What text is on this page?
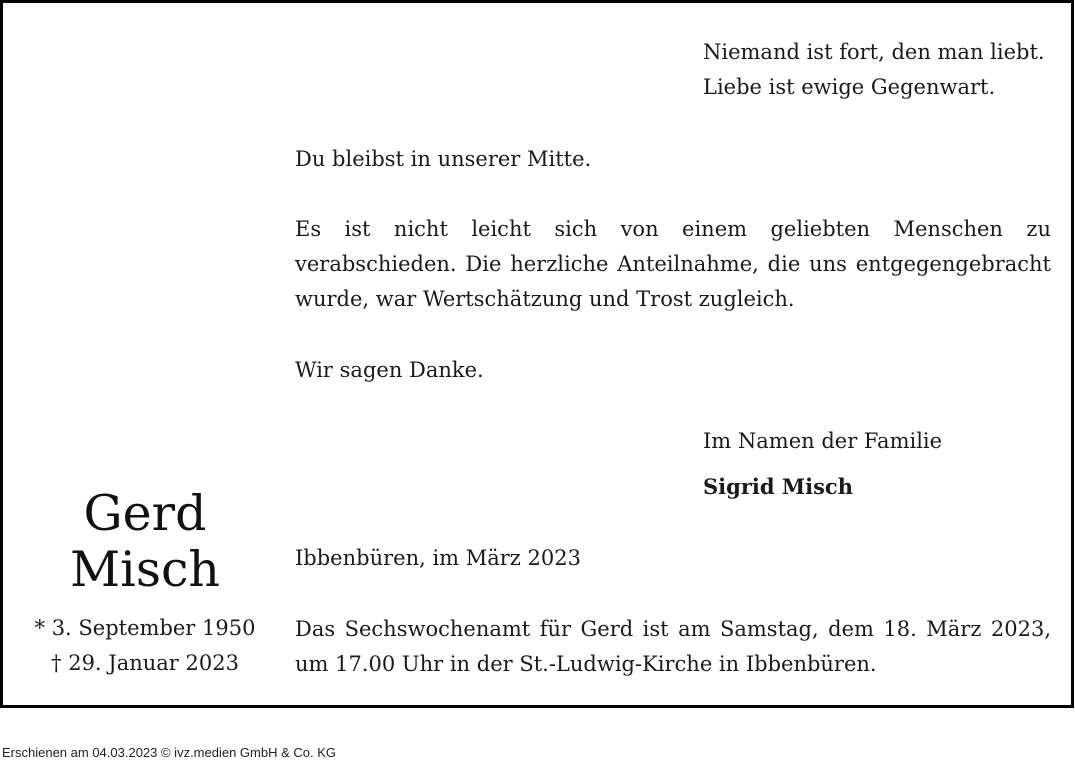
Niemand ist fort, den man liebt.

Liebe ist ewige Gegenwart.

Du bleibst in unserer Mitte.

Es ist nicht leicht sich von einem geliebten Menschen zu verabschieden. Die herzliche Anteilnahme, die uns entgegengebracht wurde, war Wertschätzung und Trost zugleich.

Wir sagen Danke.

Im Namen der Familie

Sigrid Misch

Ibbenbüren, im März 2023

Das Sechswochenamt für Gerd ist am Samstag, dem 18. März 2023, um 17.00 Uhr in der St.-Ludwig-Kirche in Ibbenbüren.

Gerd
Misch

* 3. September 1950

† 29. Januar 2023

Erschienen am 04.03.2023 © ivz.medien GmbH & Co. KG
